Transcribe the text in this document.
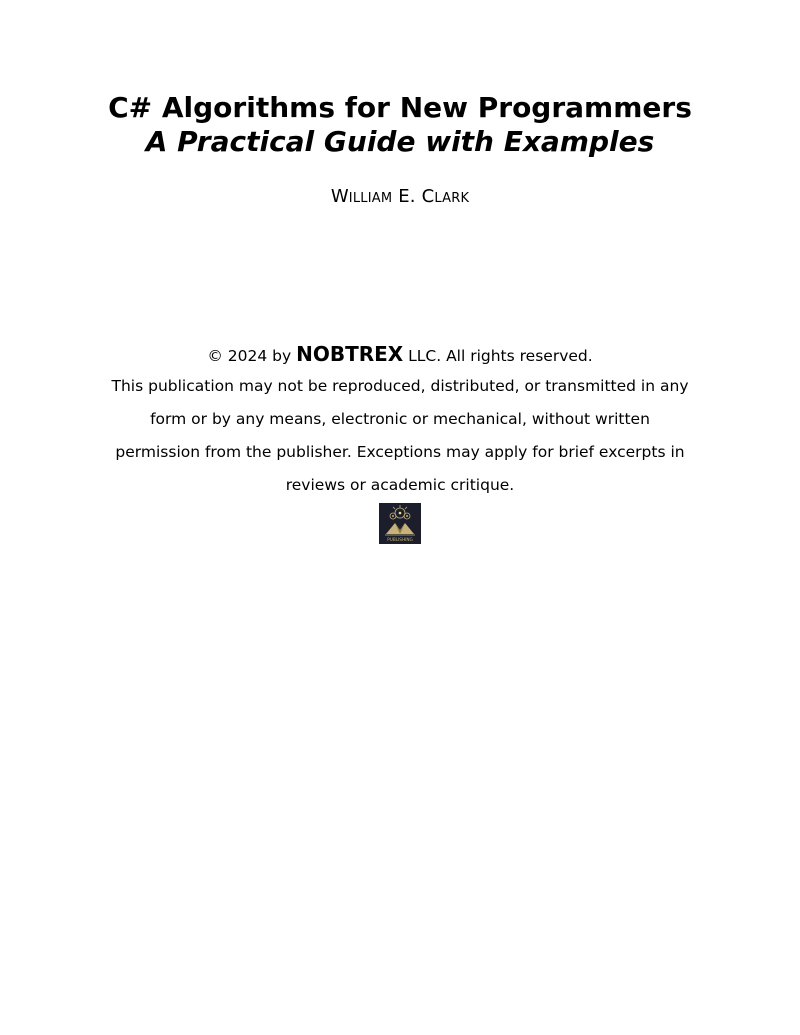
C# Algorithms for New Programmers
A Practical Guide with Examples
William E. Clark

© 2024 by NOBTREX LLC. All rights reserved.

This publication may not be reproduced, distributed, or transmitted in any form or by any means, electronic or mechanical, without written permission from the publisher. Exceptions may apply for brief excerpts in reviews or academic critique.

PUBLISHING
